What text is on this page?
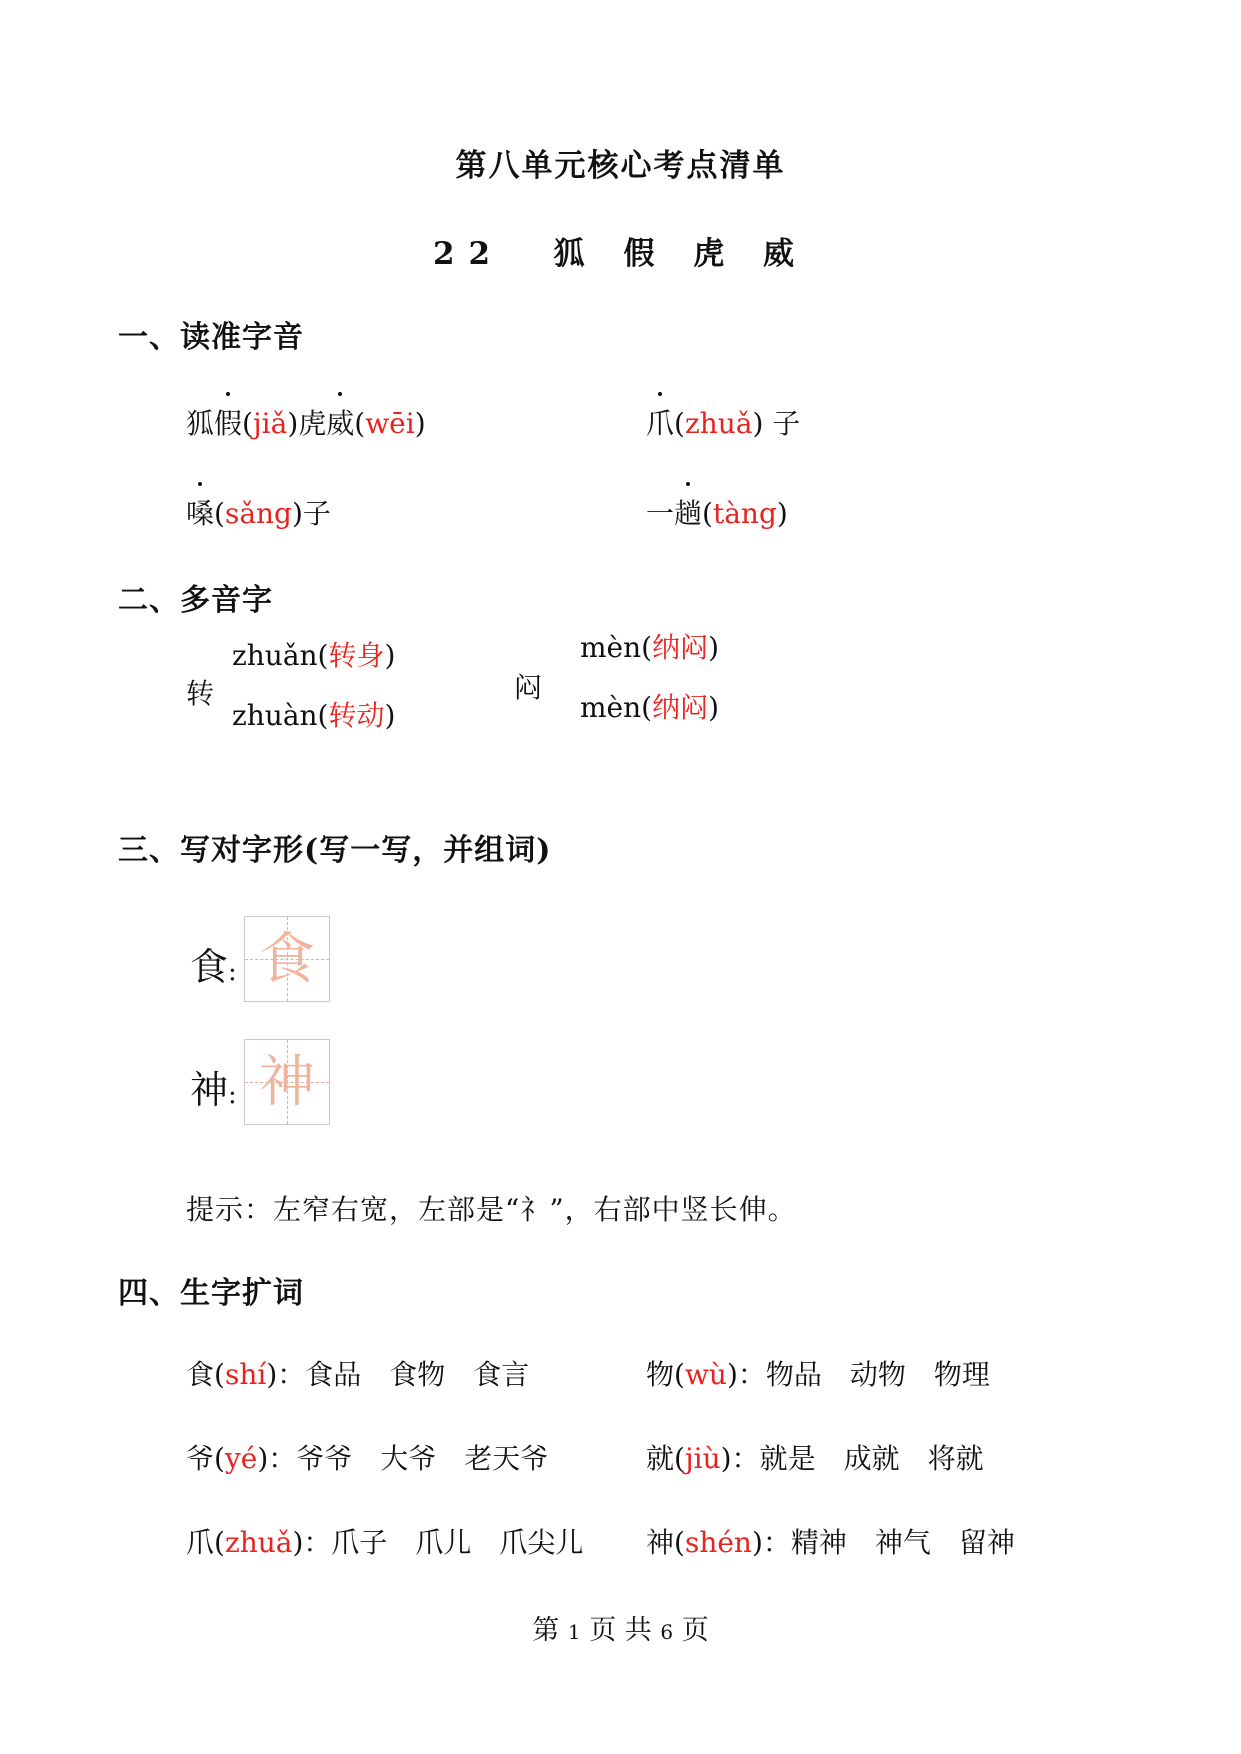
第八单元核心考点清单
22 狐 假 虎 威
一、读准字音
狐假(jiǎ)虎威(wēi)	爪(zhuǎ) 子
嗓(sǎng)子	一趟(tàng)
二、多音字
转
zhuǎn(转身)
zhuàn(转动)
闷
mèn(纳闷)
mèn(纳闷)
三、写对字形(写一写，并组词)
食: 食
神: 神
提示：左窄右宽，左部是“礻”，右部中竖长伸。
四、生字扩词
食(shí)：食品　食物　食言	物(wù)：物品　动物　物理
爷(yé)：爷爷　大爷　老天爷	就(jiù)：就是　成就　将就
爪(zhuǎ)：爪子　爪儿　爪尖儿 神(shén)：精神　神气　留神
第 1 页 共 6 页
